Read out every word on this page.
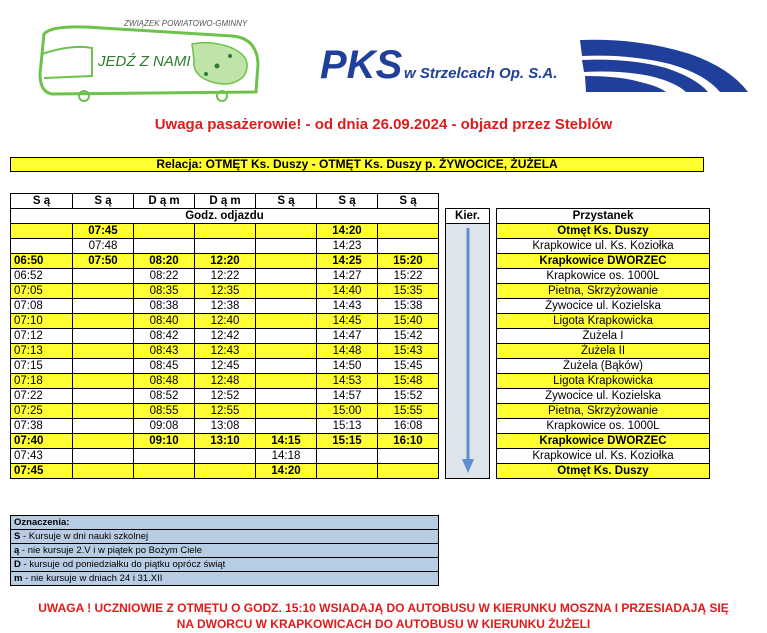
ZWIĄZEK POWIATOWO-GMINNY
JEDŹ Z NAMI	PKS w Strzelcach Op. S.A.
Uwaga pasażerowie! - od dnia 26.09.2024 - objazd przez Steblów
Relacja: OTMĘT Ks. Duszy - OTMĘT Ks. Duszy p. ŻYWOCICE, ŻUŻELA
S ą	S ą	D ą m	D ą m	S ą	S ą	S ą				
Godz. odjazdu								Kier.		Przystanek
	07:45				14:20					Otmęt Ks. Duszy
	07:48				14:23					Krapkowice ul. Ks. Koziołka
06:50	07:50	08:20	12:20		14:25	15:20				Krapkowice DWORZEC
06:52		08:22	12:22		14:27	15:22				Krapkowice os. 1000L
07:05		08:35	12:35		14:40	15:35				Pietna, Skrzyżowanie
07:08		08:38	12:38		14:43	15:38				Żywocice ul. Kozielska
07:10		08:40	12:40		14:45	15:40				Ligota Krapkowicka
07:12		08:42	12:42		14:47	15:42				Żużela I
07:13		08:43	12:43		14:48	15:43				Żużela II
07:15		08:45	12:45		14:50	15:45				Żużela (Bąków)
07:18		08:48	12:48		14:53	15:48				Ligota Krapkowicka
07:22		08:52	12:52		14:57	15:52				Żywocice ul. Kozielska
07:25		08:55	12:55		15:00	15:55				Pietna, Skrzyżowanie
07:38		09:08	13:08		15:13	16:08				Krapkowice os. 1000L
07:40		09:10	13:10	14:15	15:15	16:10				Krapkowice DWORZEC
07:43				14:18						Krapkowice ul. Ks. Koziołka
07:45				14:20						Otmęt Ks. Duszy
Oznaczenia:
S - Kursuje w dni nauki szkolnej
ą - nie kursuje 2.V i w piątek po Bożym Ciele
D - kursuje od poniedziałku do piątku oprócz świąt
m - nie kursuje w dniach 24 i 31.XII
UWAGA ! UCZNIOWIE Z OTMĘTU O GODZ. 15:10 WSIADAJĄ DO AUTOBUSU W KIERUNKU MOSZNA I PRZESIADAJĄ SIĘ
NA DWORCU W KRAPKOWICACH DO AUTOBUSU W KIERUNKU ŻUŻELI
